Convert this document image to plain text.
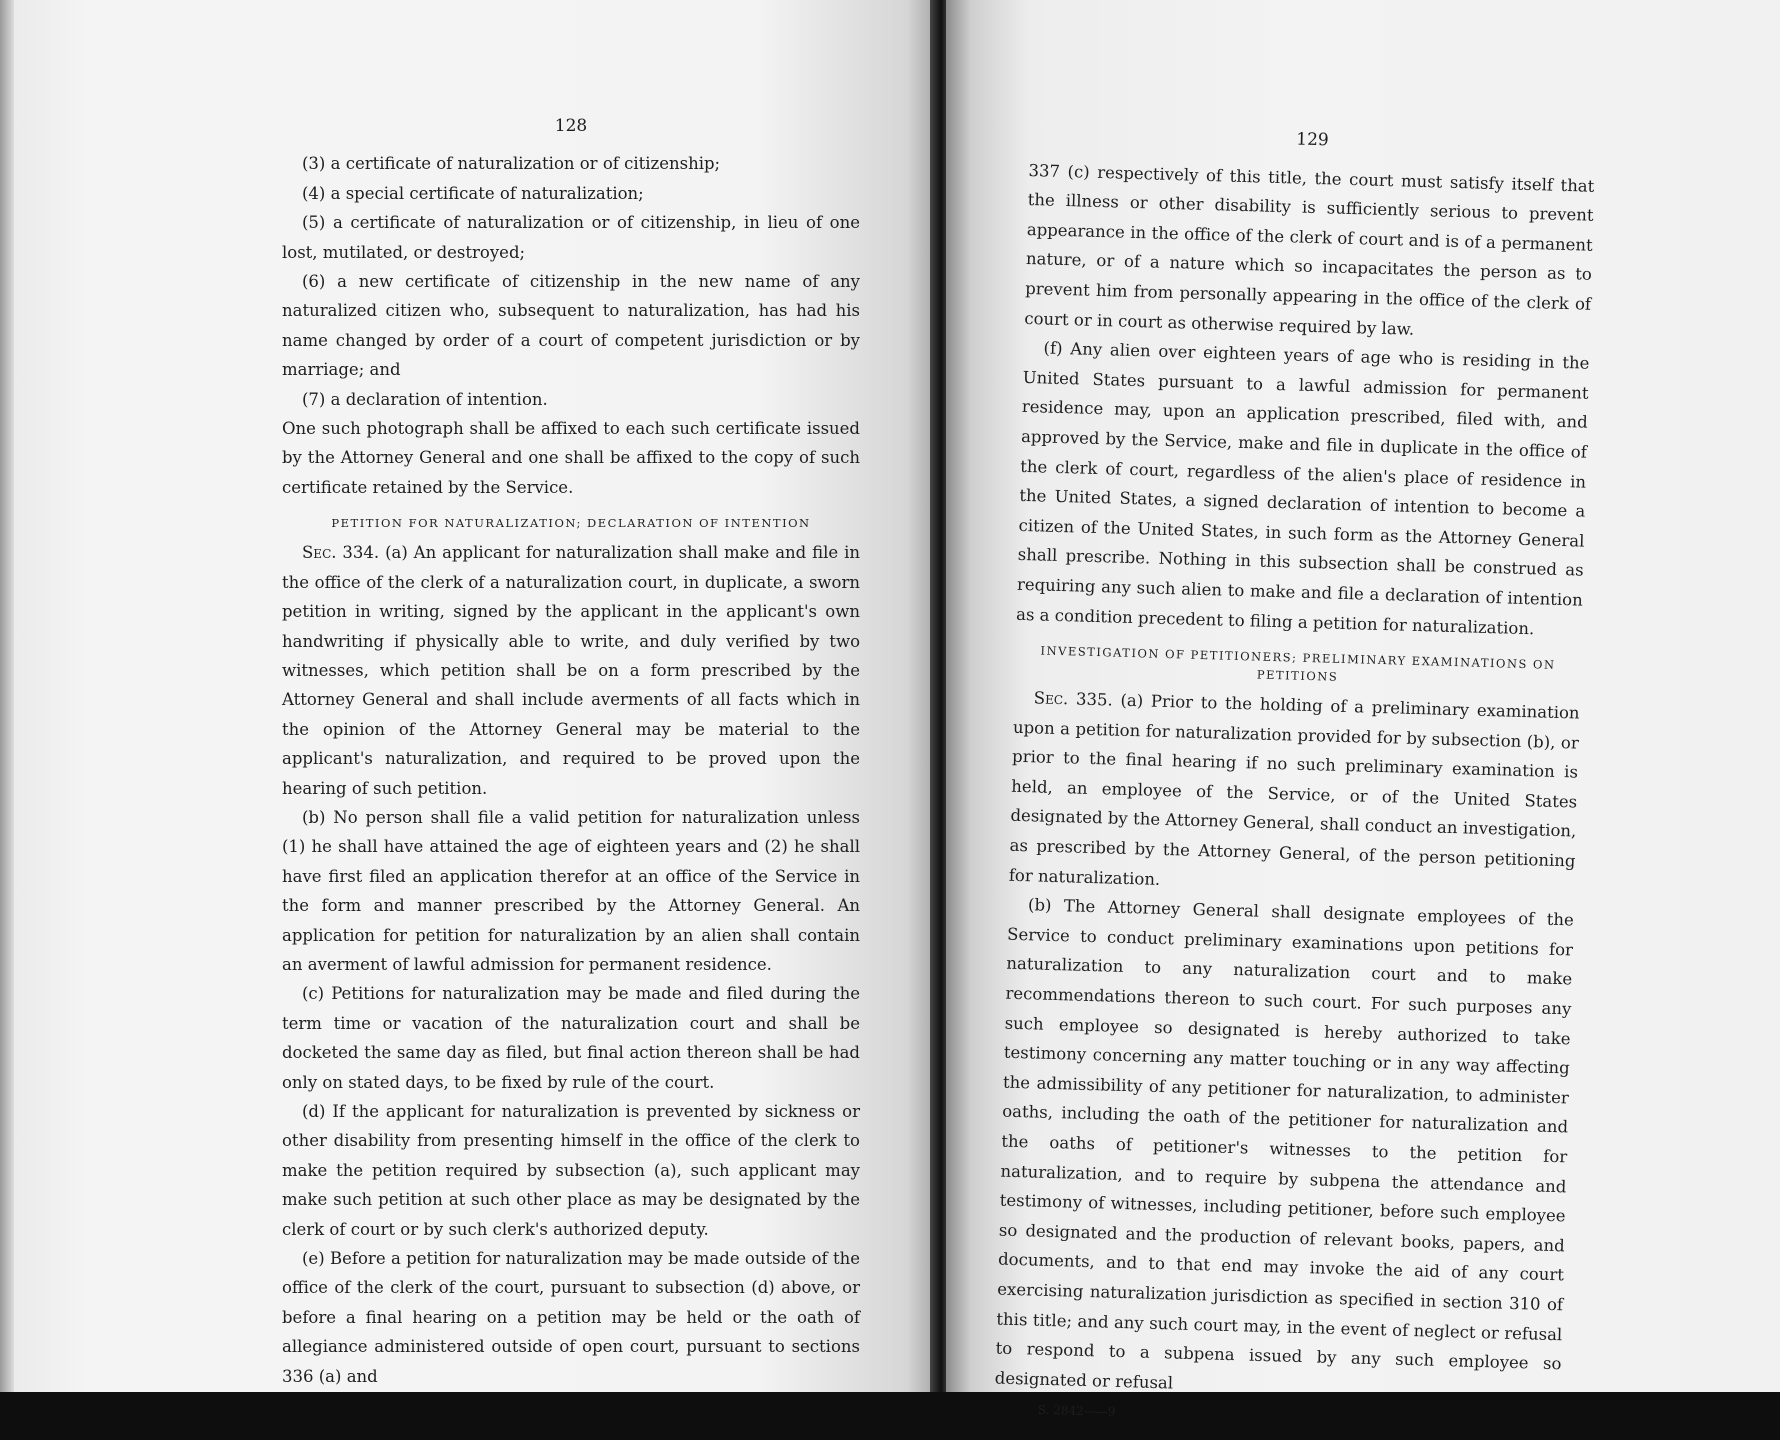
128
(3) a certificate of naturalization or of citizenship;
(4) a special certificate of naturalization;
(5) a certificate of naturalization or of citizenship, in lieu of one lost, mutilated, or destroyed;
(6) a new certificate of citizenship in the new name of any naturalized citizen who, subsequent to naturalization, has had his name changed by order of a court of competent jurisdiction or by marriage; and
(7) a declaration of intention.
One such photograph shall be affixed to each such certificate issued by the Attorney General and one shall be affixed to the copy of such certificate retained by the Service.
PETITION FOR NATURALIZATION; DECLARATION OF INTENTION
Sec. 334. (a) An applicant for naturalization shall make and file in the office of the clerk of a naturalization court, in duplicate, a sworn petition in writing, signed by the applicant in the applicant's own handwriting if physically able to write, and duly verified by two witnesses, which petition shall be on a form prescribed by the Attorney General and shall include averments of all facts which in the opinion of the Attorney General may be material to the applicant's naturalization, and required to be proved upon the hearing of such petition.
(b) No person shall file a valid petition for naturalization unless (1) he shall have attained the age of eighteen years and (2) he shall have first filed an application therefor at an office of the Service in the form and manner prescribed by the Attorney General. An application for petition for naturalization by an alien shall contain an averment of lawful admission for permanent residence.
(c) Petitions for naturalization may be made and filed during the term time or vacation of the naturalization court and shall be docketed the same day as filed, but final action thereon shall be had only on stated days, to be fixed by rule of the court.
(d) If the applicant for naturalization is prevented by sickness or other disability from presenting himself in the office of the clerk to make the petition required by subsection (a), such applicant may make such petition at such other place as may be designated by the clerk of court or by such clerk's authorized deputy.
(e) Before a petition for naturalization may be made outside of the office of the clerk of the court, pursuant to subsection (d) above, or before a final hearing on a petition may be held or the oath of allegiance administered outside of open court, pursuant to sections 336 (a) and
129
337 (c) respectively of this title, the court must satisfy itself that the illness or other disability is sufficiently serious to prevent appearance in the office of the clerk of court and is of a permanent nature, or of a nature which so incapacitates the person as to prevent him from personally appearing in the office of the clerk of court or in court as otherwise required by law.
(f) Any alien over eighteen years of age who is residing in the United States pursuant to a lawful admission for permanent residence may, upon an application prescribed, filed with, and approved by the Service, make and file in duplicate in the office of the clerk of court, regardless of the alien's place of residence in the United States, a signed declaration of intention to become a citizen of the United States, in such form as the Attorney General shall prescribe. Nothing in this subsection shall be construed as requiring any such alien to make and file a declaration of intention as a condition precedent to filing a petition for naturalization.
INVESTIGATION OF PETITIONERS; PRELIMINARY EXAMINATIONS ON PETITIONS
Sec. 335. (a) Prior to the holding of a preliminary examination upon a petition for naturalization provided for by subsection (b), or prior to the final hearing if no such preliminary examination is held, an employee of the Service, or of the United States designated by the Attorney General, shall conduct an investigation, as prescribed by the Attorney General, of the person petitioning for naturalization.
(b) The Attorney General shall designate employees of the Service to conduct preliminary examinations upon petitions for naturalization to any naturalization court and to make recommendations thereon to such court. For such purposes any such employee so designated is hereby authorized to take testimony concerning any matter touching or in any way affecting the admissibility of any petitioner for naturalization, to administer oaths, including the oath of the petitioner for naturalization and the oaths of petitioner's witnesses to the petition for naturalization, and to require by subpena the attendance and testimony of witnesses, including petitioner, before such employee so designated and the production of relevant books, papers, and documents, and to that end may invoke the aid of any court exercising naturalization jurisdiction as specified in section 310 of this title; and any such court may, in the event of neglect or refusal to respond to a subpena issued by any such employee so designated or refusal
S. 2842——9
